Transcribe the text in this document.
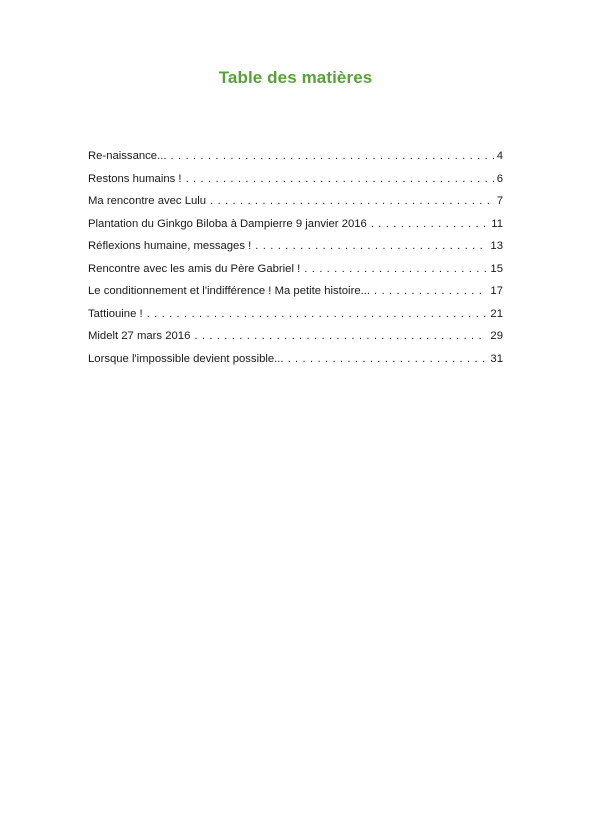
Table des matières
Re-naissance... . . .	4
Restons humains ! . . .	6
Ma rencontre avec Lulu . . .	7
Plantation du Ginkgo Biloba à Dampierre 9 janvier 2016 . . .	11
Réflexions humaine, messages ! . . .	13
Rencontre avec les amis du Père Gabriel ! . . .	15
Le conditionnement et l'indifférence ! Ma petite histoire... . . .	17
Tattiouine ! . . .	21
Midelt 27 mars 2016 . . .	29
Lorsque l'impossible devient possible... . . .	31
